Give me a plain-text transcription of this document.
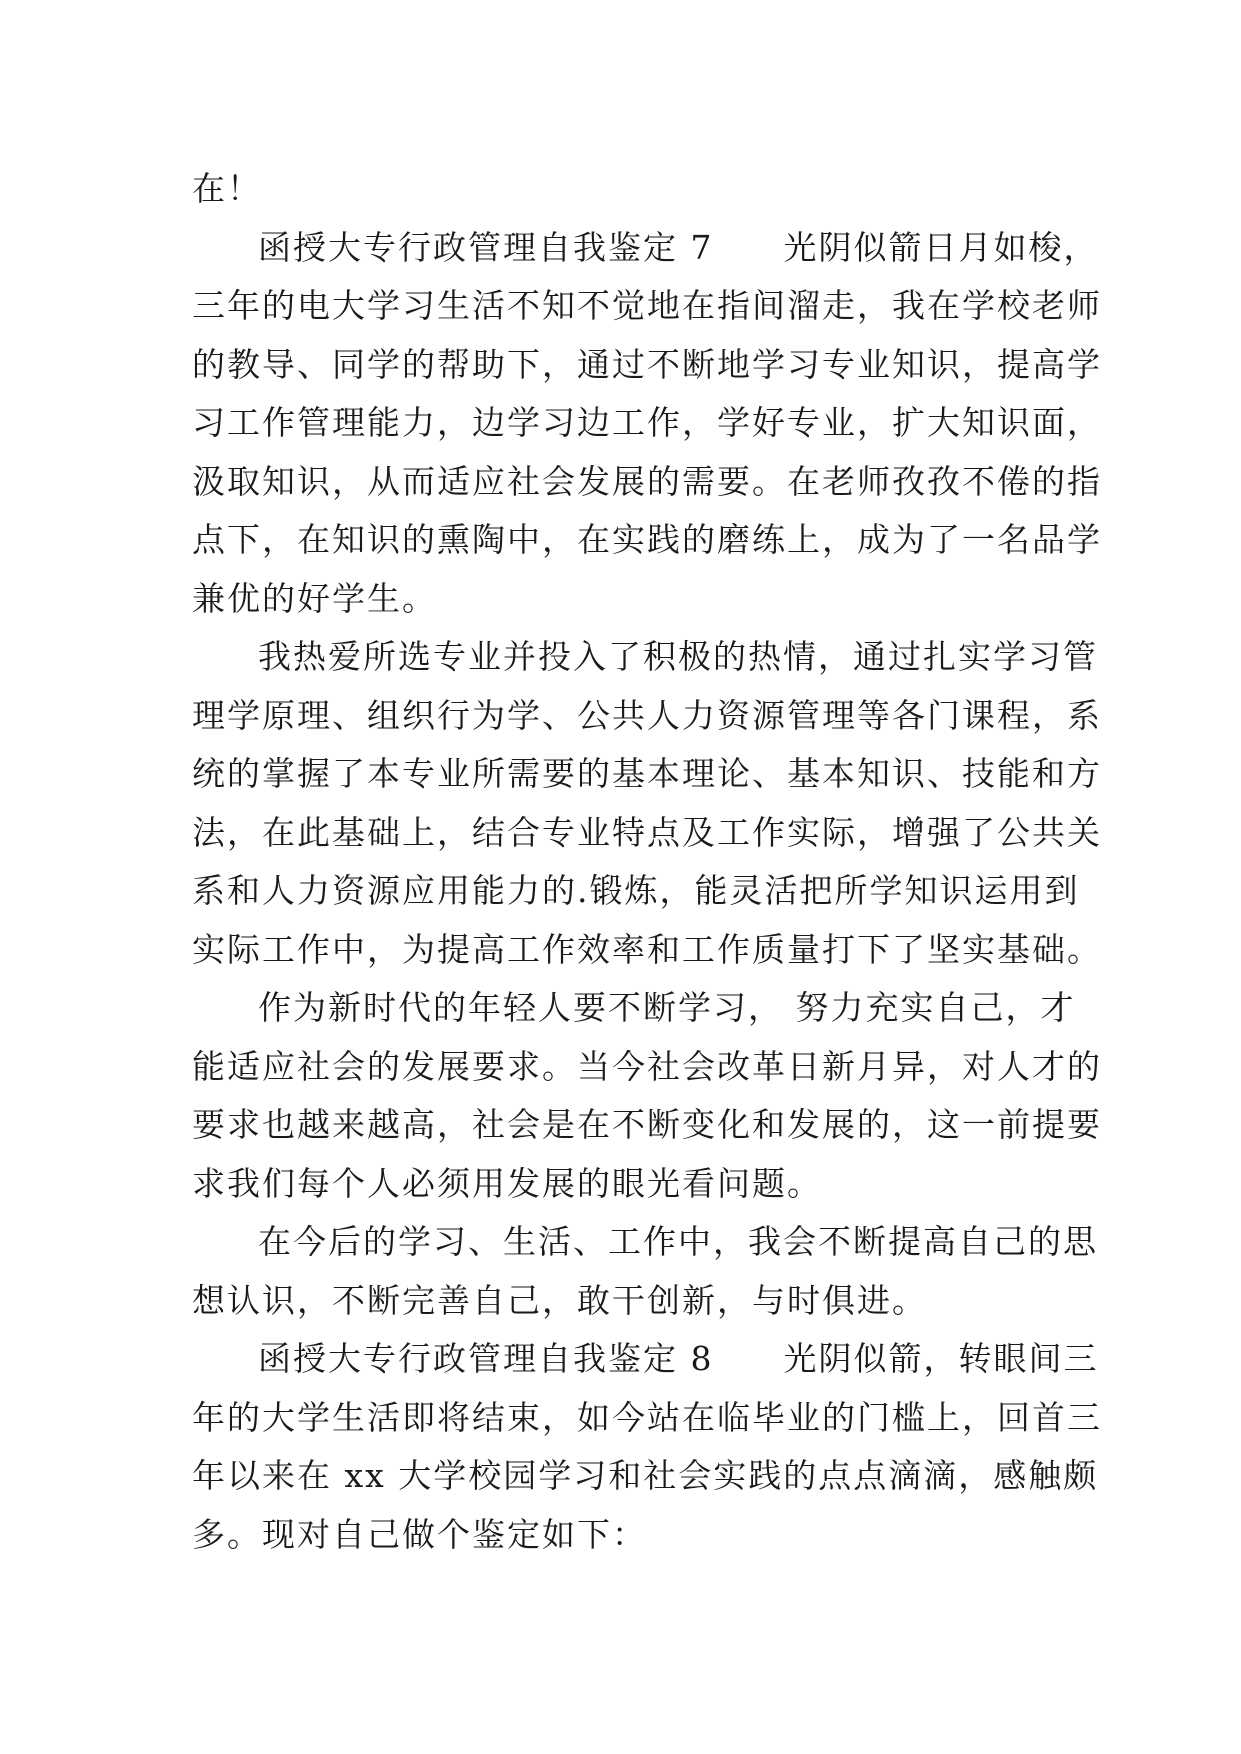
在！
函授大专行政管理自我鉴定 7　　光阴似箭日月如梭，
三年的电大学习生活不知不觉地在指间溜走，我在学校老师
的教导、同学的帮助下，通过不断地学习专业知识，提高学
习工作管理能力，边学习边工作，学好专业，扩大知识面，
汲取知识，从而适应社会发展的需要。在老师孜孜不倦的指
点下，在知识的熏陶中，在实践的磨练上，成为了一名品学
兼优的好学生。
我热爱所选专业并投入了积极的热情，通过扎实学习管
理学原理、组织行为学、公共人力资源管理等各门课程，系
统的掌握了本专业所需要的基本理论、基本知识、技能和方
法，在此基础上，结合专业特点及工作实际，增强了公共关
系和人力资源应用能力的.锻炼，能灵活把所学知识运用到
实际工作中，为提高工作效率和工作质量打下了坚实基础。
作为新时代的年轻人要不断学习， 努力充实自己，才
能适应社会的发展要求。当今社会改革日新月异，对人才的
要求也越来越高，社会是在不断变化和发展的，这一前提要
求我们每个人必须用发展的眼光看问题。
在今后的学习、生活、工作中，我会不断提高自己的思
想认识，不断完善自己，敢干创新，与时俱进。
函授大专行政管理自我鉴定 8　　光阴似箭，转眼间三
年的大学生活即将结束，如今站在临毕业的门槛上，回首三
年以来在 xx 大学校园学习和社会实践的点点滴滴，感触颇
多。现对自己做个鉴定如下：
